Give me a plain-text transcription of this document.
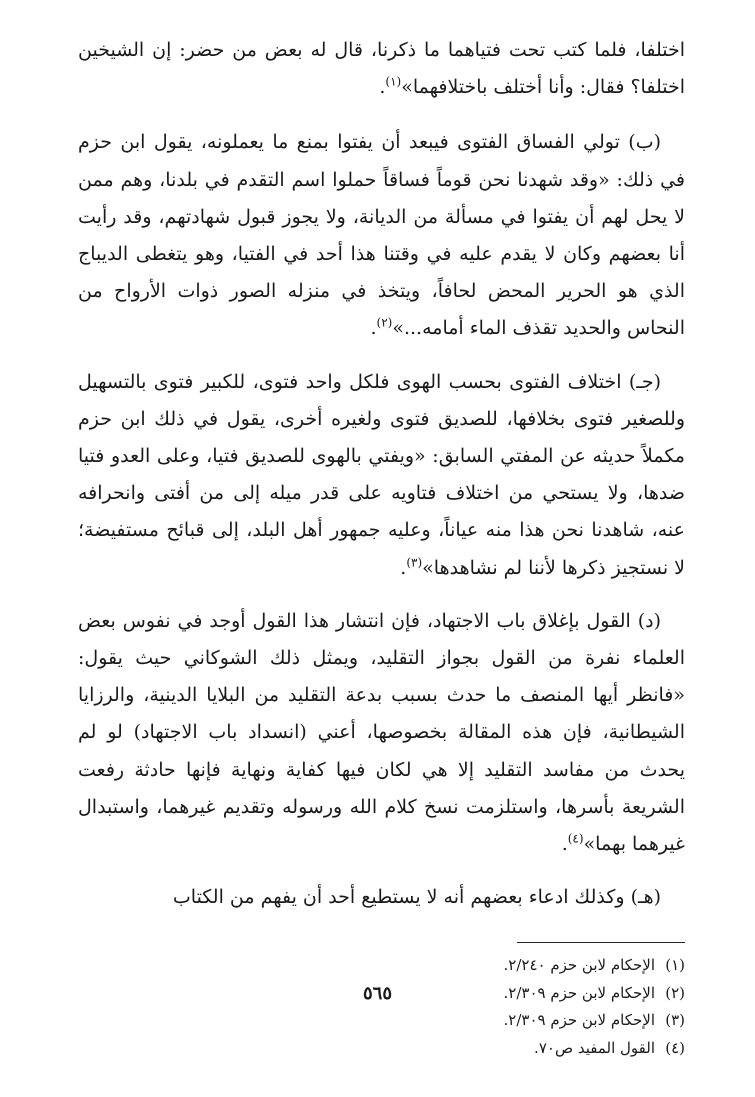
اختلفا، فلما كتب تحت فتياهما ما ذكرنا، قال له بعض من حضر: إن الشيخين اختلفا؟ فقال: وأنا أختلف باختلافهما»$^{(١)}$.

(ب) تولي الفساق الفتوى فيبعد أن يفتوا بمنع ما يعملونه، يقول ابن حزم في ذلك: «وقد شهدنا نحن قوماً فساقاً حملوا اسم التقدم في بلدنا، وهم ممن لا يحل لهم أن يفتوا في مسألة من الديانة، ولا يجوز قبول شهادتهم، وقد رأيت أنا بعضهم وكان لا يقدم عليه في وقتنا هذا أحد في الفتيا، وهو يتغطى الديباج الذي هو الحرير المحض لحافاً، ويتخذ في منزله الصور ذوات الأرواح من النحاس والحديد تقذف الماء أمامه...»$^{(٢)}$.

(جـ) اختلاف الفتوى بحسب الهوى فلكل واحد فتوى، للكبير فتوى بالتسهيل وللصغير فتوى بخلافها، للصديق فتوى ولغيره أخرى، يقول في ذلك ابن حزم مكملاً حديثه عن المفتي السابق: «ويفتي بالهوى للصديق فتيا، وعلى العدو فتيا ضدها، ولا يستحي من اختلاف فتاويه على قدر ميله إلى من أفتى وانحرافه عنه، شاهدنا نحن هذا منه عياناً، وعليه جمهور أهل البلد، إلى قبائح مستفيضة؛ لا نستجيز ذكرها لأننا لم نشاهدها»$^{(٣)}$.

(د) القول بإغلاق باب الاجتهاد، فإن انتشار هذا القول أوجد في نفوس بعض العلماء نفرة من القول بجواز التقليد، ويمثل ذلك الشوكاني حيث يقول: «فانظر أيها المنصف ما حدث بسبب بدعة التقليد من البلايا الدينية، والرزايا الشيطانية، فإن هذه المقالة بخصوصها، أعني (انسداد باب الاجتهاد) لو لم يحدث من مفاسد التقليد إلا هي لكان فيها كفاية ونهاية فإنها حادثة رفعت الشريعة بأسرها، واستلزمت نسخ كلام الله ورسوله وتقديم غيرهما، واستبدال غيرهما بهما»$^{(٤)}$.

(هـ) وكذلك ادعاء بعضهم أنه لا يستطيع أحد أن يفهم من الكتاب

(١)الإحكام لابن حزم ٢/٢٤٠.
(٢)الإحكام لابن حزم ٢/٣٠٩.
(٣)الإحكام لابن حزم ٢/٣٠٩.
(٤)القول المفيد ص٧٠.
٥٦٥
